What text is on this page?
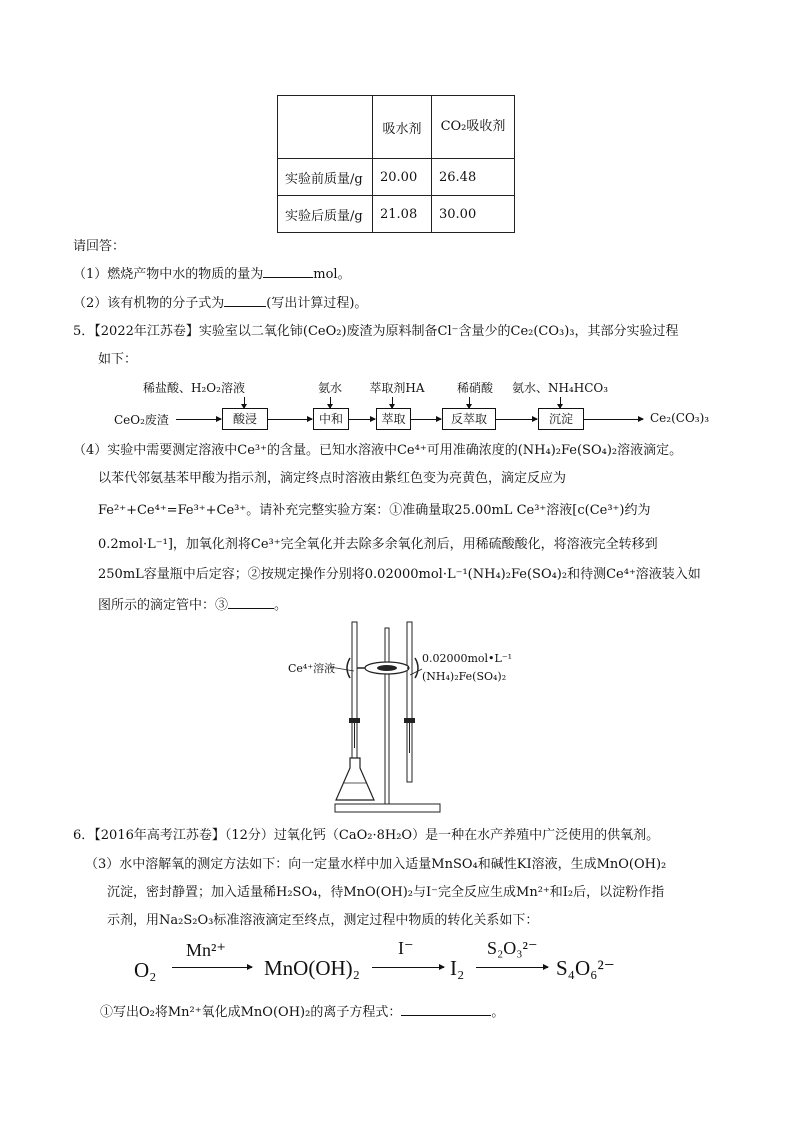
	吸水剂	CO₂吸收剂
实验前质量/g	20.00	26.48
实验后质量/g	21.08	30.00
请回答：
（1）燃烧产物中水的物质的量为	mol。
（2）该有机物的分子式为	(写出计算过程)。
5．【2022年江苏卷】实验室以二氧化铈(CeO₂)废渣为原料制备Cl⁻含量少的Ce₂(CO₃)₃，其部分实验过程
如下：
稀盐酸、H₂O₂溶液	氨水	萃取剂HA	稀硝酸	氨水、NH₄HCO₃
CeO₂废渣	酸浸	中和	萃取	反萃取	沉淀	Ce₂(CO₃)₃
（4）实验中需要测定溶液中Ce³⁺的含量。已知水溶液中Ce⁴⁺可用准确浓度的(NH₄)₂Fe(SO₄)₂溶液滴定。
以苯代邻氨基苯甲酸为指示剂，滴定终点时溶液由紫红色变为亮黄色，滴定反应为
Fe²⁺+Ce⁴⁺=Fe³⁺+Ce³⁺。请补充完整实验方案：①准确量取25.00mL Ce³⁺溶液[c(Ce³⁺)约为
0.2mol·L⁻¹]，加氧化剂将Ce³⁺完全氧化并去除多余氧化剂后，用稀硫酸酸化，将溶液完全转移到
250mL容量瓶中后定容；②按规定操作分别将0.02000mol·L⁻¹(NH₄)₂Fe(SO₄)₂和待测Ce⁴⁺溶液装入如
图所示的滴定管中：③	。
Ce⁴⁺溶液
0.02000mol•L⁻¹
(NH₄)₂Fe(SO₄)₂
6．【2016年高考江苏卷】（12分）过氧化钙（CaO₂·8H₂O）是一种在水产养殖中广泛使用的供氧剂。
（3）水中溶解氧的测定方法如下：向一定量水样中加入适量MnSO₄和碱性KI溶液，生成MnO(OH)₂
沉淀，密封静置；加入适量稀H₂SO₄，待MnO(OH)₂与I⁻完全反应生成Mn²⁺和I₂后，以淀粉作指
示剂，用Na₂S₂O₃标准溶液滴定至终点，测定过程中物质的转化关系如下：
O₂
Mn²⁺
MnO(OH)₂
I⁻
I₂
S₂O₃²⁻
S₄O₆²⁻
①写出O₂将Mn²⁺氧化成MnO(OH)₂的离子方程式：	。
